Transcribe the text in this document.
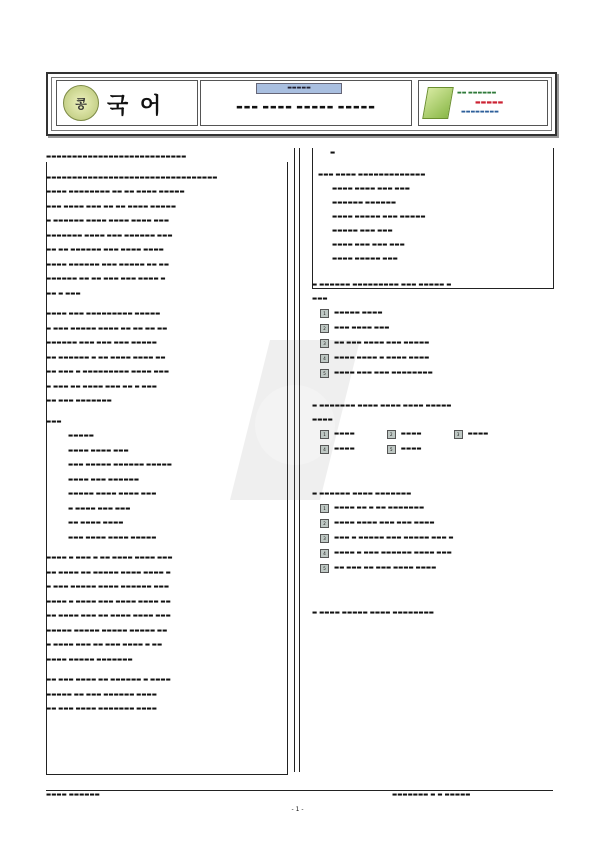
콩 국 어
▬▬▬▬▬
▬▬▬ ▬▬▬▬ ▬▬▬▬▬ ▬▬▬▬▬
▬▬ ▬▬▬▬▬▬
▬▬▬▬▬
▬▬▬▬▬▬▬▬
▬▬▬▬▬▬▬▬▬▬▬▬▬▬▬▬▬▬▬▬▬▬▬▬▬▬▬
▬▬▬▬▬▬▬▬▬▬▬▬▬▬▬▬▬▬▬▬▬▬▬▬▬▬▬▬▬▬▬▬▬
▬▬▬▬ ▬▬▬▬▬▬▬▬ ▬▬ ▬▬ ▬▬▬▬ ▬▬▬▬▬
▬▬▬ ▬▬▬▬ ▬▬▬ ▬▬ ▬▬ ▬▬▬▬ ▬▬▬▬▬
▬ ▬▬▬▬▬▬ ▬▬▬▬ ▬▬▬▬ ▬▬▬▬ ▬▬▬
▬▬▬▬▬▬▬ ▬▬▬▬ ▬▬▬ ▬▬▬▬▬▬ ▬▬▬
▬▬ ▬▬ ▬▬▬▬▬▬ ▬▬▬ ▬▬▬▬ ▬▬▬▬
▬▬▬▬ ▬▬▬▬▬▬ ▬▬▬ ▬▬▬▬▬ ▬▬ ▬▬
▬▬▬▬▬▬ ▬▬ ▬▬ ▬▬▬ ▬▬▬ ▬▬▬▬ ▬
▬▬ ▬ ▬▬▬
▬▬▬▬ ▬▬▬ ▬▬▬▬▬▬▬▬▬ ▬▬▬▬▬
▬ ▬▬▬ ▬▬▬▬▬ ▬▬▬▬ ▬▬ ▬▬ ▬▬ ▬▬
▬▬▬▬▬▬ ▬▬▬ ▬▬▬ ▬▬▬ ▬▬▬▬▬
▬▬ ▬▬▬▬▬▬ ▬ ▬▬ ▬▬▬▬ ▬▬▬▬ ▬▬
▬▬ ▬▬▬ ▬ ▬▬▬▬▬▬▬▬▬ ▬▬▬▬ ▬▬▬
▬ ▬▬▬ ▬▬ ▬▬▬▬ ▬▬▬ ▬▬ ▬ ▬▬▬
▬▬ ▬▬▬ ▬▬▬▬▬▬▬
▬▬▬
▬▬▬▬▬
▬▬▬▬ ▬▬▬▬ ▬▬▬
▬▬▬ ▬▬▬▬▬ ▬▬▬▬▬▬ ▬▬▬▬▬
▬▬▬▬ ▬▬▬ ▬▬▬▬▬▬
▬▬▬▬▬ ▬▬▬▬ ▬▬▬▬ ▬▬▬
▬ ▬▬▬▬ ▬▬▬ ▬▬▬
▬▬ ▬▬▬▬ ▬▬▬▬
▬▬▬ ▬▬▬▬ ▬▬▬▬ ▬▬▬▬▬
▬▬▬▬ ▬ ▬▬▬ ▬ ▬▬ ▬▬▬▬ ▬▬▬▬ ▬▬▬
▬▬ ▬▬▬▬ ▬▬ ▬▬▬▬▬ ▬▬▬▬ ▬▬▬▬ ▬
▬ ▬▬▬ ▬▬▬▬▬ ▬▬▬▬ ▬▬▬▬▬▬ ▬▬▬
▬▬▬▬ ▬ ▬▬▬▬ ▬▬▬ ▬▬▬▬ ▬▬▬▬ ▬▬
▬▬ ▬▬▬▬ ▬▬▬ ▬▬ ▬▬▬▬ ▬▬▬▬ ▬▬▬
▬▬▬▬▬ ▬▬▬▬▬ ▬▬▬▬▬ ▬▬▬▬▬ ▬▬
▬ ▬▬▬▬ ▬▬▬ ▬▬ ▬▬▬ ▬▬▬▬ ▬ ▬▬
▬▬▬▬ ▬▬▬▬▬ ▬▬▬▬▬▬▬
▬▬ ▬▬▬ ▬▬▬▬ ▬▬ ▬▬▬▬▬▬ ▬ ▬▬▬▬
▬▬▬▬▬ ▬▬ ▬▬▬ ▬▬▬▬▬▬ ▬▬▬▬
▬▬ ▬▬▬ ▬▬▬▬ ▬▬▬▬▬▬▬ ▬▬▬▬
▬
▬▬▬ ▬▬▬▬ ▬▬▬▬▬▬▬▬▬▬▬▬▬
▬▬▬▬ ▬▬▬▬ ▬▬▬ ▬▬▬
▬▬▬▬▬▬ ▬▬▬▬▬▬
▬▬▬▬ ▬▬▬▬▬ ▬▬▬ ▬▬▬▬▬
▬▬▬▬▬ ▬▬▬ ▬▬▬
▬▬▬▬ ▬▬▬ ▬▬▬ ▬▬▬
▬▬▬▬ ▬▬▬▬▬ ▬▬▬
▬ ▬▬▬▬▬▬ ▬▬▬▬▬▬▬▬▬ ▬▬▬ ▬▬▬▬▬ ▬
▬▬▬
1	▬▬▬▬▬ ▬▬▬▬
2	▬▬▬ ▬▬▬▬ ▬▬▬
3	▬▬ ▬▬▬ ▬▬▬▬ ▬▬▬ ▬▬▬▬▬
4	▬▬▬▬ ▬▬▬▬ ▬ ▬▬▬▬ ▬▬▬▬
5	▬▬▬▬ ▬▬▬ ▬▬▬ ▬▬▬▬▬▬▬▬
▬ ▬▬▬▬▬▬▬ ▬▬▬▬ ▬▬▬▬ ▬▬▬▬ ▬▬▬▬▬
▬▬▬▬
1	▬▬▬▬	2	▬▬▬▬	3	▬▬▬▬
4	▬▬▬▬	5	▬▬▬▬
▬ ▬▬▬▬▬▬ ▬▬▬▬ ▬▬▬▬▬▬▬
1	▬▬▬▬ ▬▬ ▬ ▬▬ ▬▬▬▬▬▬▬
2	▬▬▬▬ ▬▬▬▬ ▬▬▬ ▬▬▬ ▬▬▬▬
3	▬▬▬ ▬ ▬▬▬▬▬ ▬▬▬ ▬▬▬▬▬ ▬▬▬ ▬
4	▬▬▬▬ ▬ ▬▬▬ ▬▬▬▬▬▬ ▬▬▬▬ ▬▬▬
5	▬▬ ▬▬▬ ▬▬ ▬▬▬ ▬▬▬▬ ▬▬▬▬
▬ ▬▬▬▬ ▬▬▬▬▬ ▬▬▬▬ ▬▬▬▬▬▬▬▬
▬▬▬▬ ▬▬▬▬▬▬	▬▬▬▬▬▬▬ ▬ ▬ ▬▬▬▬▬
- 1 -
